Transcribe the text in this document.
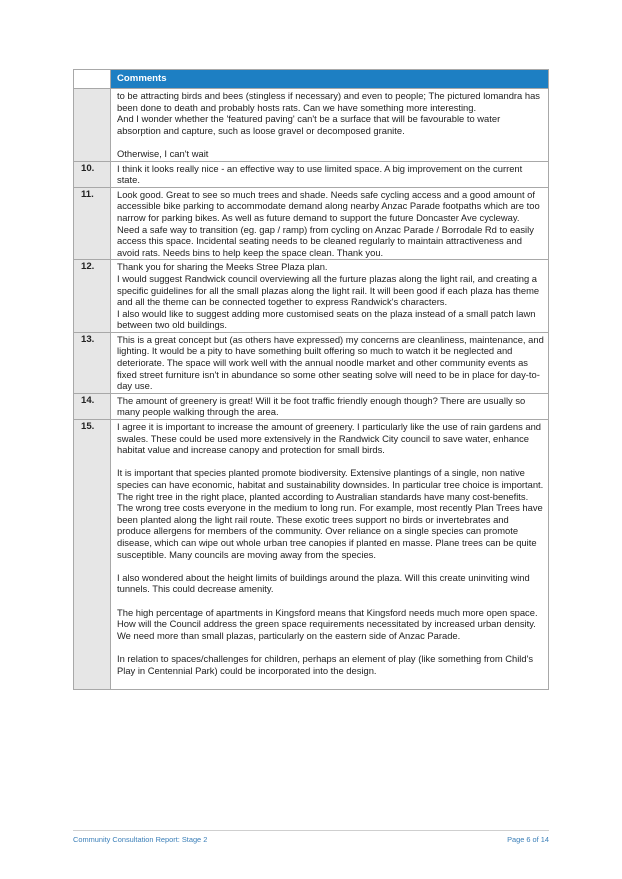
Comments

to be attracting birds and bees (stingless if necessary) and even to people; The pictured lomandra has been done to death and probably hosts rats. Can we have something more interesting.

And I wonder whether the 'featured paving' can't be a surface that will be favourable to water absorption and capture, such as loose gravel or decomposed granite.

Otherwise, I can't wait

10.	I think it looks really nice - an effective way to use limited space. A big improvement on the current state.

11.	Look good. Great to see so much trees and shade. Needs safe cycling access and a good amount of accessible bike parking to accommodate demand along nearby Anzac Parade footpaths which are too narrow for parking bikes. As well as future demand to support the future Doncaster Ave cycleway. Need a safe way to transition (eg. gap / ramp) from cycling on Anzac Parade / Borrodale Rd to easily access this space. Incidental seating needs to be cleaned regularly to maintain attractiveness and avoid rats. Needs bins to help keep the space clean. Thank you.

12.	Thank you for sharing the Meeks Stree Plaza plan.

I would suggest Randwick council overviewing all the furture plazas along the light rail, and creating a specific guidelines for all the small plazas along the light rail. It will been good if each plaza has theme and all the theme can be connected together to express Randwick's characters.

I also would like to suggest adding more customised seats on the plaza instead of a small patch lawn between two old buildings.

13.	This is a great concept but (as others have expressed) my concerns are cleanliness, maintenance, and lighting. It would be a pity to have something built offering so much to watch it be neglected and deteriorate. The space will work well with the annual noodle market and other community events as fixed street furniture isn't in abundance so some other seating solve will need to be in place for day-to-day use.

14.	The amount of greenery is great! Will it be foot traffic friendly enough though? There are usually so many people walking through the area.

15.	I agree it is important to increase the amount of greenery. I particularly like the use of rain gardens and swales. These could be used more extensively in the Randwick City council to save water, enhance habitat value and increase canopy and protection for small birds.

It is important that species planted promote biodiversity. Extensive plantings of a single, non native species can have economic, habitat and sustainability downsides. In particular tree choice is important. The right tree in the right place, planted according to Australian standards have many cost-benefits. The wrong tree costs everyone in the medium to long run. For example, most recently Plan Trees have been planted along the light rail route. These exotic trees support no birds or invertebrates and produce allergens for members of the community. Over reliance on a single species can promote disease, which can wipe out whole urban tree canopies if planted en masse. Plane trees can be quite susceptible. Many councils are moving away from the species.

I also wondered about the height limits of buildings around the plaza. Will this create uninviting wind tunnels. This could decrease amenity.

The high percentage of apartments in Kingsford means that Kingsford needs much more open space. How will the Council address the green space requirements necessitated by increased urban density. We need more than small plazas, particularly on the eastern side of Anzac Parade.

In relation to spaces/challenges for children, perhaps an element of play (like something from Child's Play in Centennial Park) could be incorporated into the design.

Community Consultation Report: Stage 2	Page 6 of 14
